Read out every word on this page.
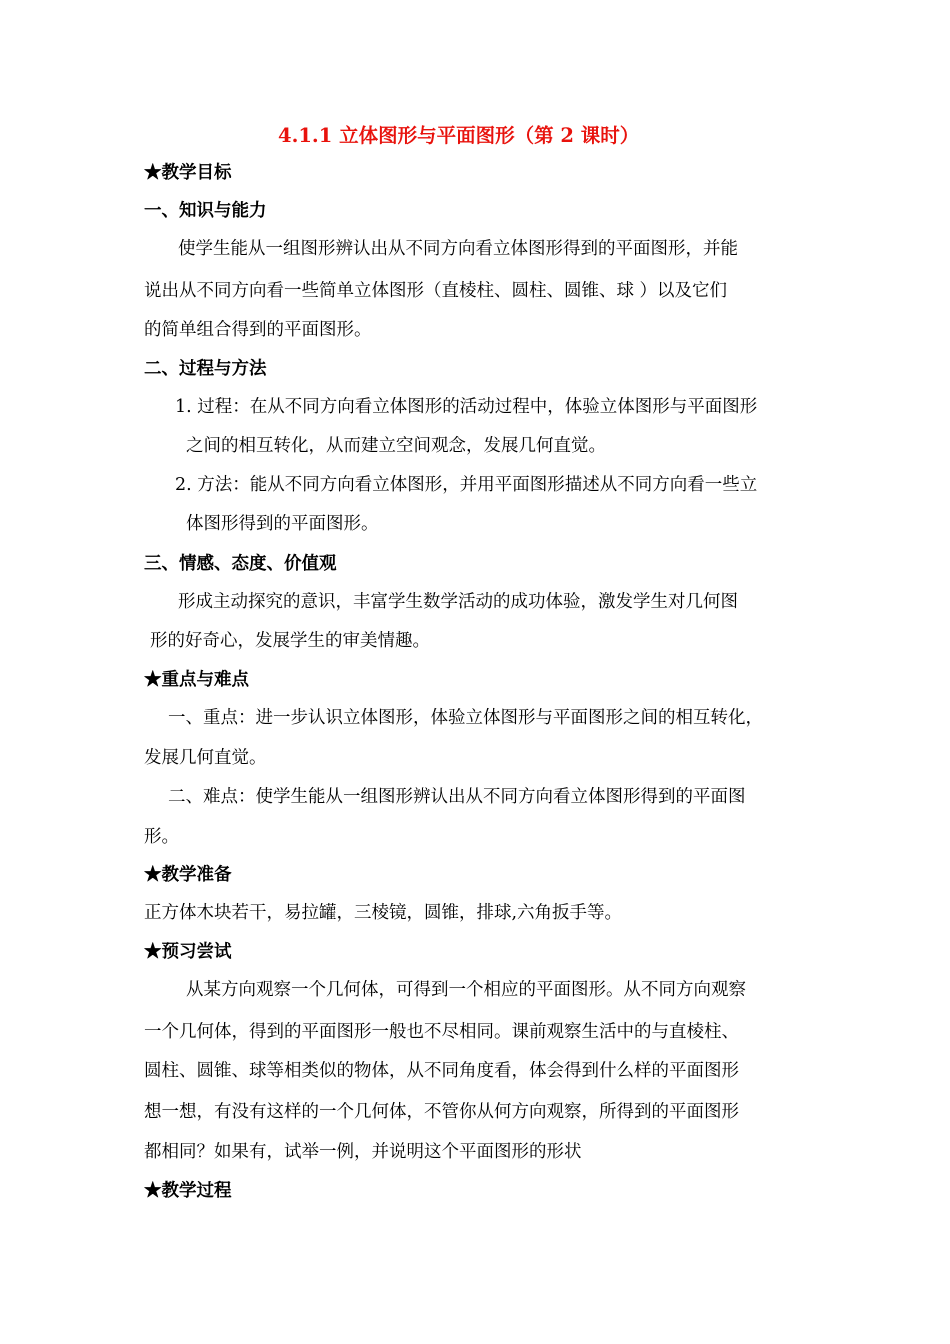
4.1.1 立体图形与平面图形（第 2 课时）
★教学目标
一、知识与能力
使学生能从一组图形辨认出从不同方向看立体图形得到的平面图形，并能
说出从不同方向看一些简单立体图形（直棱柱、圆柱、圆锥、球 ）以及它们
的简单组合得到的平面图形。
二、过程与方法
1. 过程：在从不同方向看立体图形的活动过程中，体验立体图形与平面图形
之间的相互转化，从而建立空间观念，发展几何直觉。
2. 方法：能从不同方向看立体图形，并用平面图形描述从不同方向看一些立
体图形得到的平面图形。
三、情感、态度、价值观
形成主动探究的意识，丰富学生数学活动的成功体验，激发学生对几何图
形的好奇心，发展学生的审美情趣。
★重点与难点
一、重点：进一步认识立体图形，体验立体图形与平面图形之间的相互转化，
发展几何直觉。
二、难点：使学生能从一组图形辨认出从不同方向看立体图形得到的平面图
形。
★教学准备
正方体木块若干，易拉罐，三棱镜，圆锥，排球,六角扳手等。
★预习尝试
从某方向观察一个几何体，可得到一个相应的平面图形。从不同方向观察
一个几何体，得到的平面图形一般也不尽相同。课前观察生活中的与直棱柱、
圆柱、圆锥、球等相类似的物体，从不同角度看，体会得到什么样的平面图形
想一想，有没有这样的一个几何体，不管你从何方向观察，所得到的平面图形
都相同？如果有，试举一例，并说明这个平面图形的形状
★教学过程
